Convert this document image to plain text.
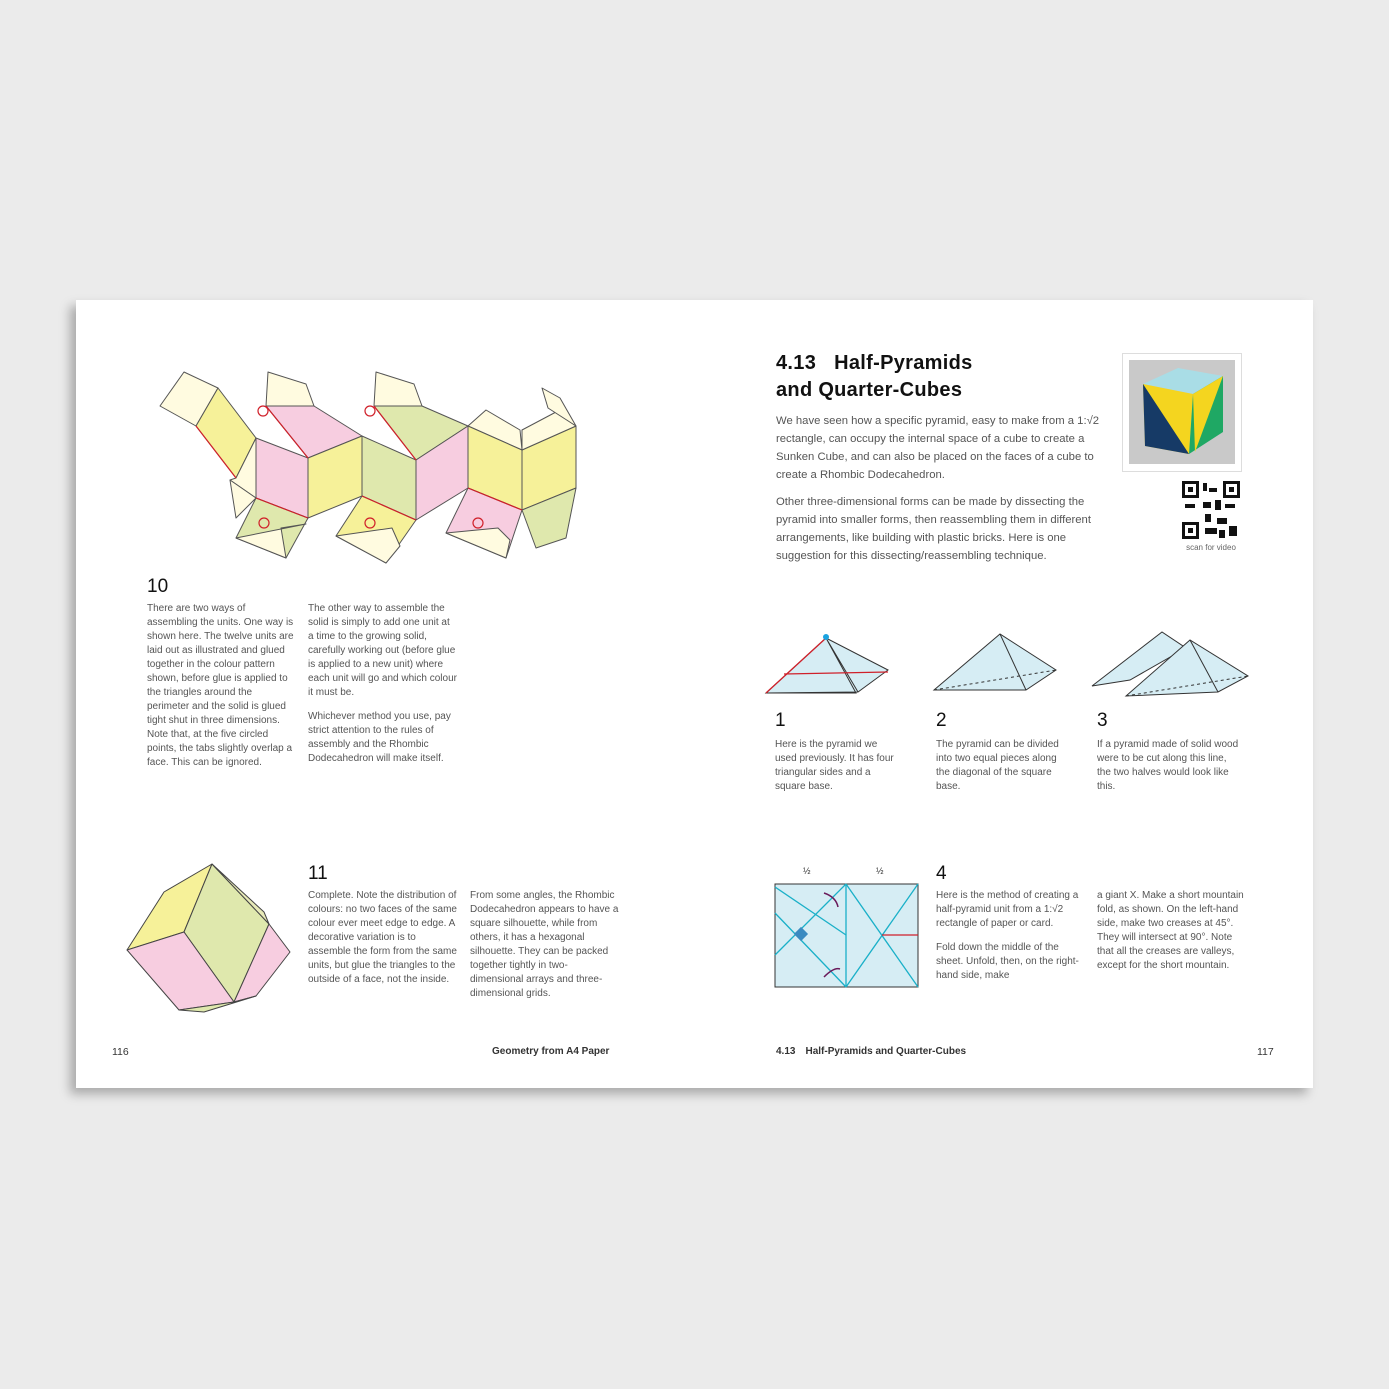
10
There are two ways of assembling the units. One way is shown here. The twelve units are laid out as illustrated and glued together in the colour pattern shown, before glue is applied to the triangles around the perimeter and the solid is glued tight shut in three dimensions. Note that, at the five circled points, the tabs slightly overlap a face. This can be ignored.

The other way to assemble the solid is simply to add one unit at a time to the growing solid, carefully working out (before glue is applied to a new unit) where each unit will go and which colour it must be.

Whichever method you use, pay strict attention to the rules of assembly and the Rhombic Dodecahedron will make itself.

11
Complete. Note the distribution of colours: no two faces of the same colour ever meet edge to edge. A decorative variation is to assemble the form from the same units, but glue the triangles to the outside of a face, not the inside.
From some angles, the Rhombic Dodecahedron appears to have a square silhouette, while from others, it has a hexagonal silhouette. They can be packed together tightly in two-dimensional arrays and three-dimensional grids.
116	Geometry from A4 Paper
4.13 Half-Pyramids
and Quarter-Cubes

We have seen how a specific pyramid, easy to make from a 1:√2 rectangle, can occupy the internal space of a cube to create a Sunken Cube, and can also be placed on the faces of a cube to create a Rhombic Dodecahedron.

Other three-dimensional forms can be made by dissecting the pyramid into smaller forms, then reassembling them in different arrangements, like building with plastic bricks. Here is one suggestion for this dissecting/reassembling technique.

scan for video
1
Here is the pyramid we used previously. It has four triangular sides and a square base.
2
The pyramid can be divided into two equal pieces along the diagonal of the square base.
3
If a pyramid made of solid wood were to be cut along this line, the two halves would look like this.
½	½	4

Here is the method of creating a half-pyramid unit from a 1:√2 rectangle of paper or card.

Fold down the middle of the sheet. Unfold, then, on the right-hand side, make

a giant X. Make a short mountain fold, as shown. On the left-hand side, make two creases at 45°. They will intersect at 90°. Note that all the creases are valleys, except for the short mountain.
4.13 Half-Pyramids and Quarter-Cubes	117
